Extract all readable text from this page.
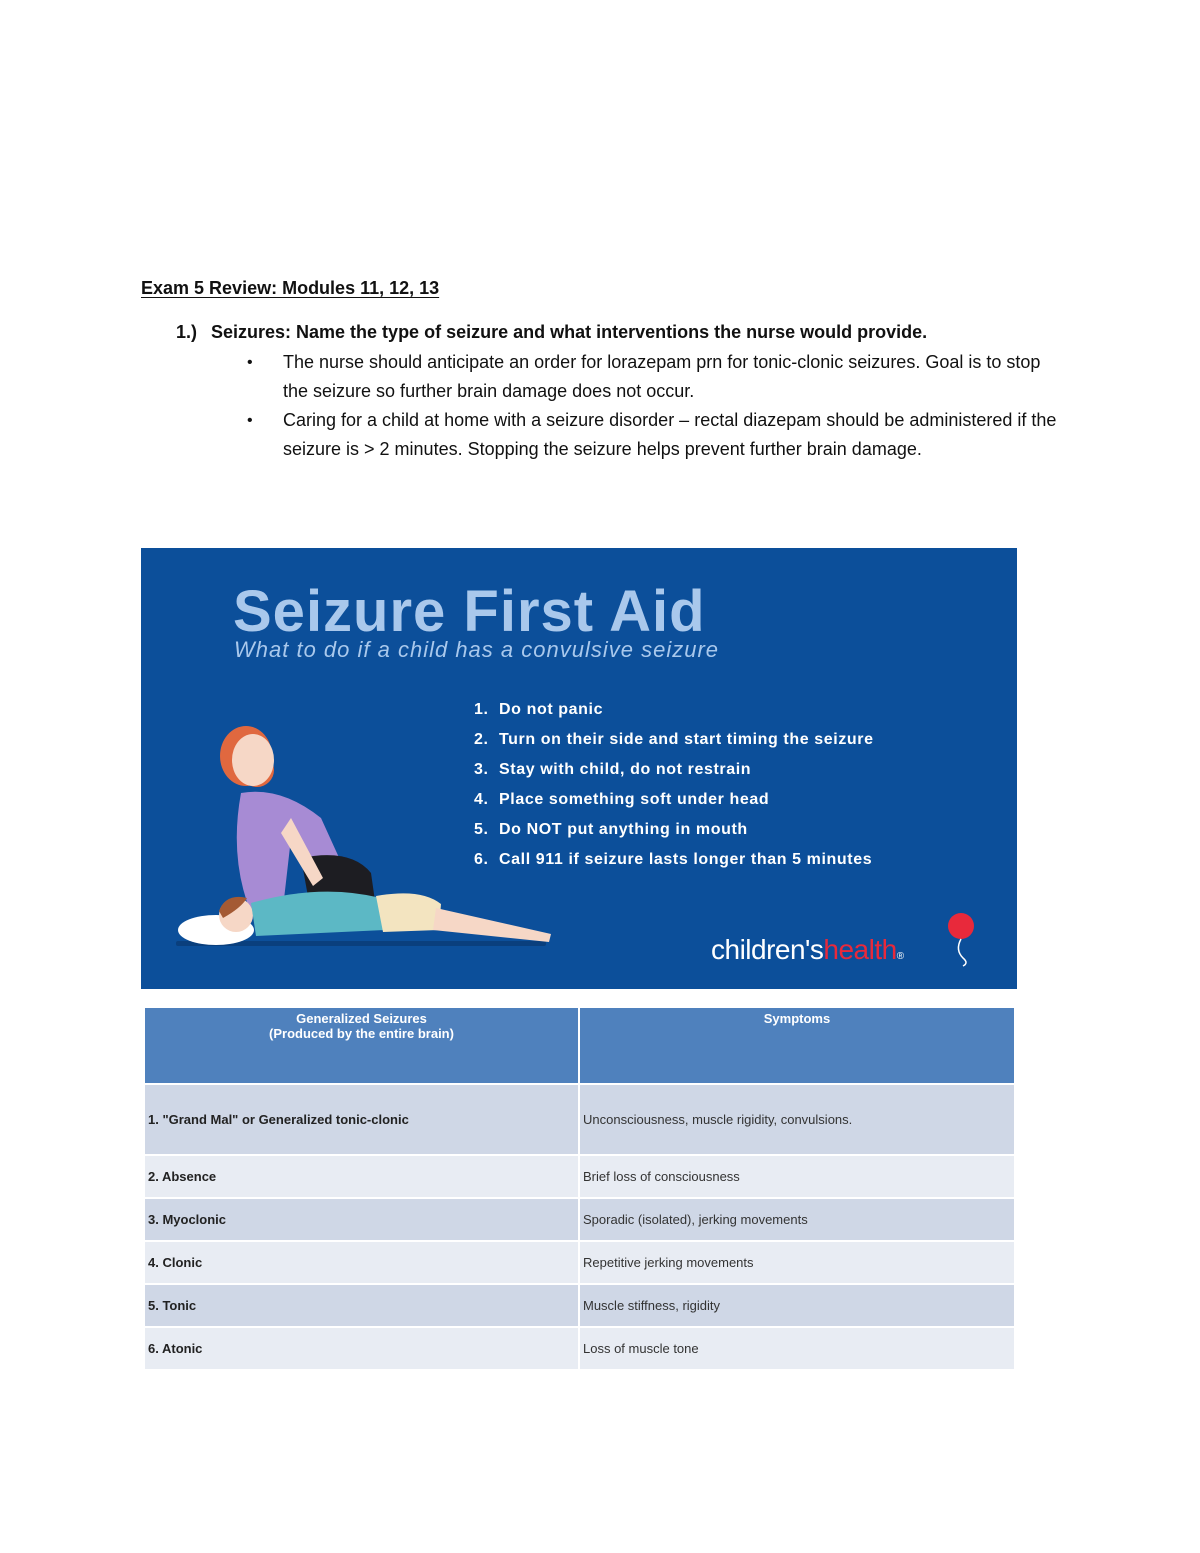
Exam 5 Review: Modules 11, 12, 13
1.) Seizures: Name the type of seizure and what interventions the nurse would provide.
• The nurse should anticipate an order for lorazepam prn for tonic-clonic seizures. Goal is to stop the seizure so further brain damage does not occur.
• Caring for a child at home with a seizure disorder – rectal diazepam should be administered if the seizure is > 2 minutes. Stopping the seizure helps prevent further brain damage.
Seizure First Aid
What to do if a child has a convulsive seizure
1. Do not panic
2. Turn on their side and start timing the seizure
3. Stay with child, do not restrain
4. Place something soft under head
5. Do NOT put anything in mouth
6. Call 911 if seizure lasts longer than 5 minutes
children'shealth®
Generalized Seizures
(Produced by the entire brain)	Symptoms
1. "Grand Mal" or Generalized tonic-clonic	Unconsciousness, muscle rigidity, convulsions.
2. Absence	Brief loss of consciousness
3. Myoclonic	Sporadic (isolated), jerking movements
4. Clonic	Repetitive jerking movements
5. Tonic	Muscle stiffness, rigidity
6. Atonic	Loss of muscle tone
